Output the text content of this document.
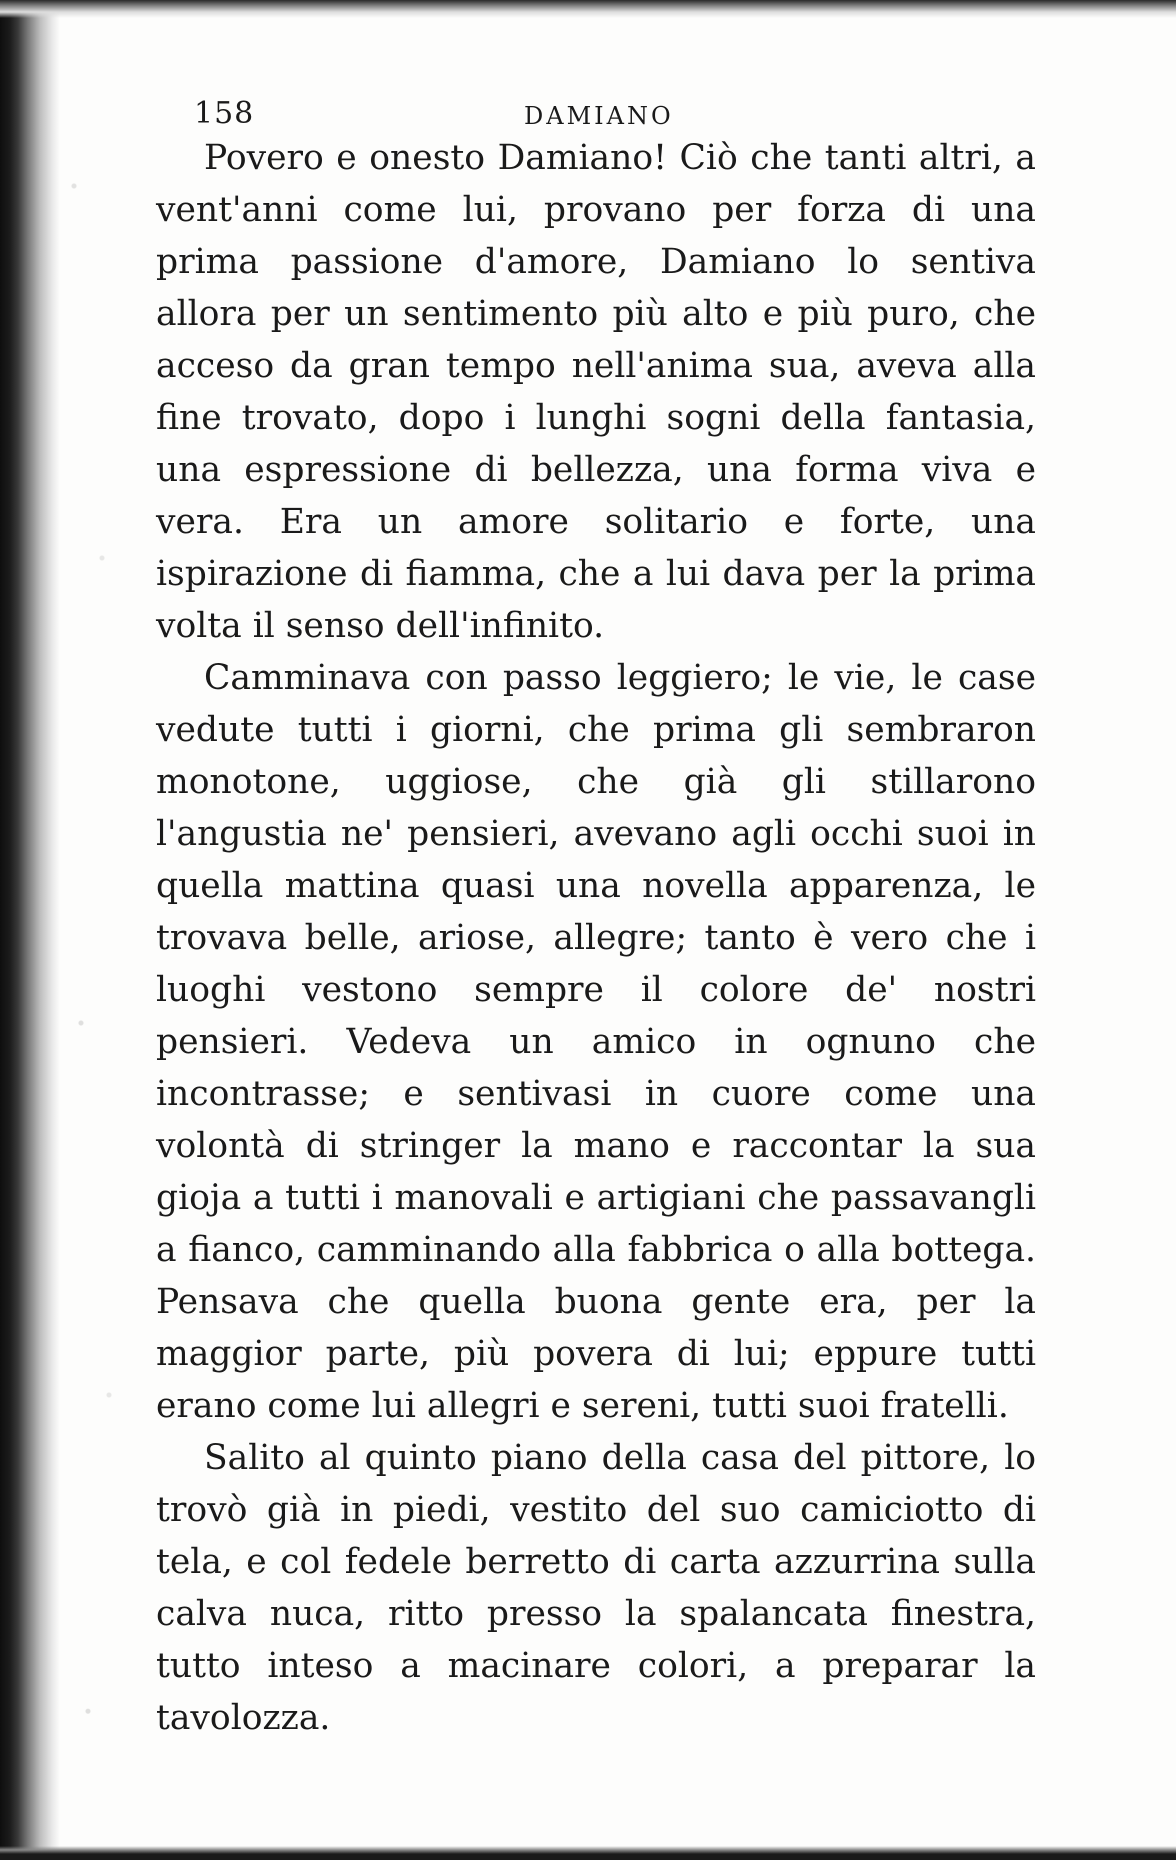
158	DAMIANO

Povero e onesto Damiano! Ciò che tanti altri, a vent'anni come lui, provano per forza di una prima passione d'amore, Damiano lo sentiva allora per un sentimento più alto e più puro, che acceso da gran tempo nell'anima sua, aveva alla fine trovato, dopo i lunghi sogni della fantasia, una espressione di bellezza, una forma viva e vera. Era un amore solitario e forte, una ispirazione di fiamma, che a lui dava per la prima volta il senso dell'infinito.

Camminava con passo leggiero; le vie, le case vedute tutti i giorni, che prima gli sembraron monotone, uggiose, che già gli stillarono l'angustia ne' pensieri, avevano agli occhi suoi in quella mattina quasi una novella apparenza, le trovava belle, ariose, allegre; tanto è vero che i luoghi vestono sempre il colore de' nostri pensieri. Vedeva un amico in ognuno che incontrasse; e sentivasi in cuore come una volontà di stringer la mano e raccontar la sua gioja a tutti i manovali e artigiani che passavangli a fianco, camminando alla fabbrica o alla bottega. Pensava che quella buona gente era, per la maggior parte, più povera di lui; eppure tutti erano come lui allegri e sereni, tutti suoi fratelli.

Salito al quinto piano della casa del pittore, lo trovò già in piedi, vestito del suo camiciotto di tela, e col fedele berretto di carta azzurrina sulla calva nuca, ritto presso la spalancata finestra, tutto inteso a macinare colori, a preparar la tavolozza.
